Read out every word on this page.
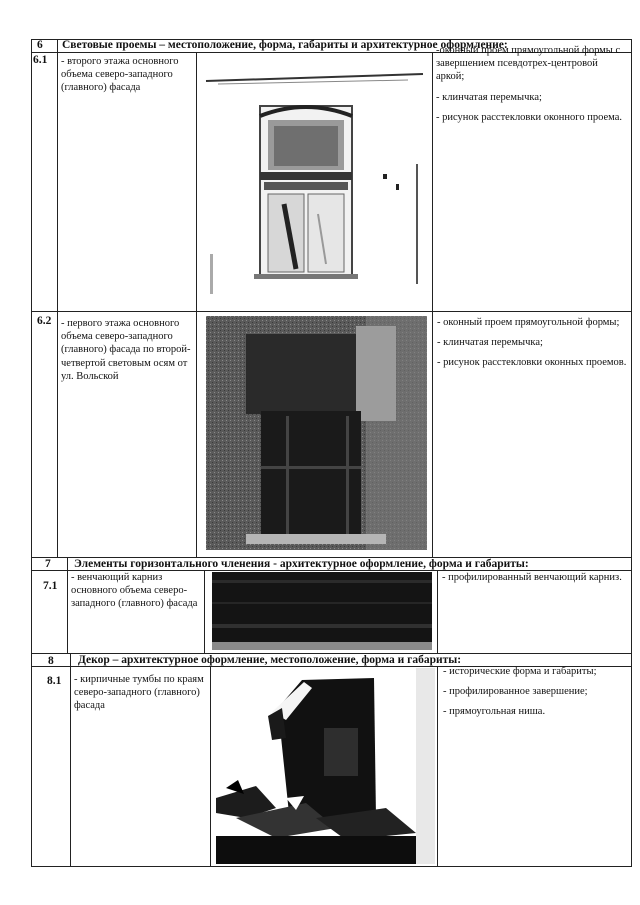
6 Световые проемы – местоположение, форма, габариты и архитектурное оформление:
6.1 - второго этажа основного объема северо-западного (главного) фасада

-оконный проем прямоугольной формы с завершением псевдотрех-центровой аркой;

- клинчатая перемычка;

- рисунок расстекловки оконного проема.

6.2 - первого этажа основного объема северо-западного (главного) фасада по второй-четвертой световым осям от ул. Вольской

- оконный проем прямоугольной формы;

- клинчатая перемычка;

- рисунок расстекловки оконных проемов.

7 Элементы горизонтального членения - архитектурное оформление, форма и габариты:
7.1
- венчающий карниз основного объема северо- западного (главного) фасада

- профилированный венчающий карниз.

8 Декор – архитектурное оформление, местоположение, форма и габариты:
8.1 - кирпичные тумбы по краям северо-западного (главного) фасада

- исторические форма и габариты;

- профилированное завершение;

- прямоугольная ниша.
